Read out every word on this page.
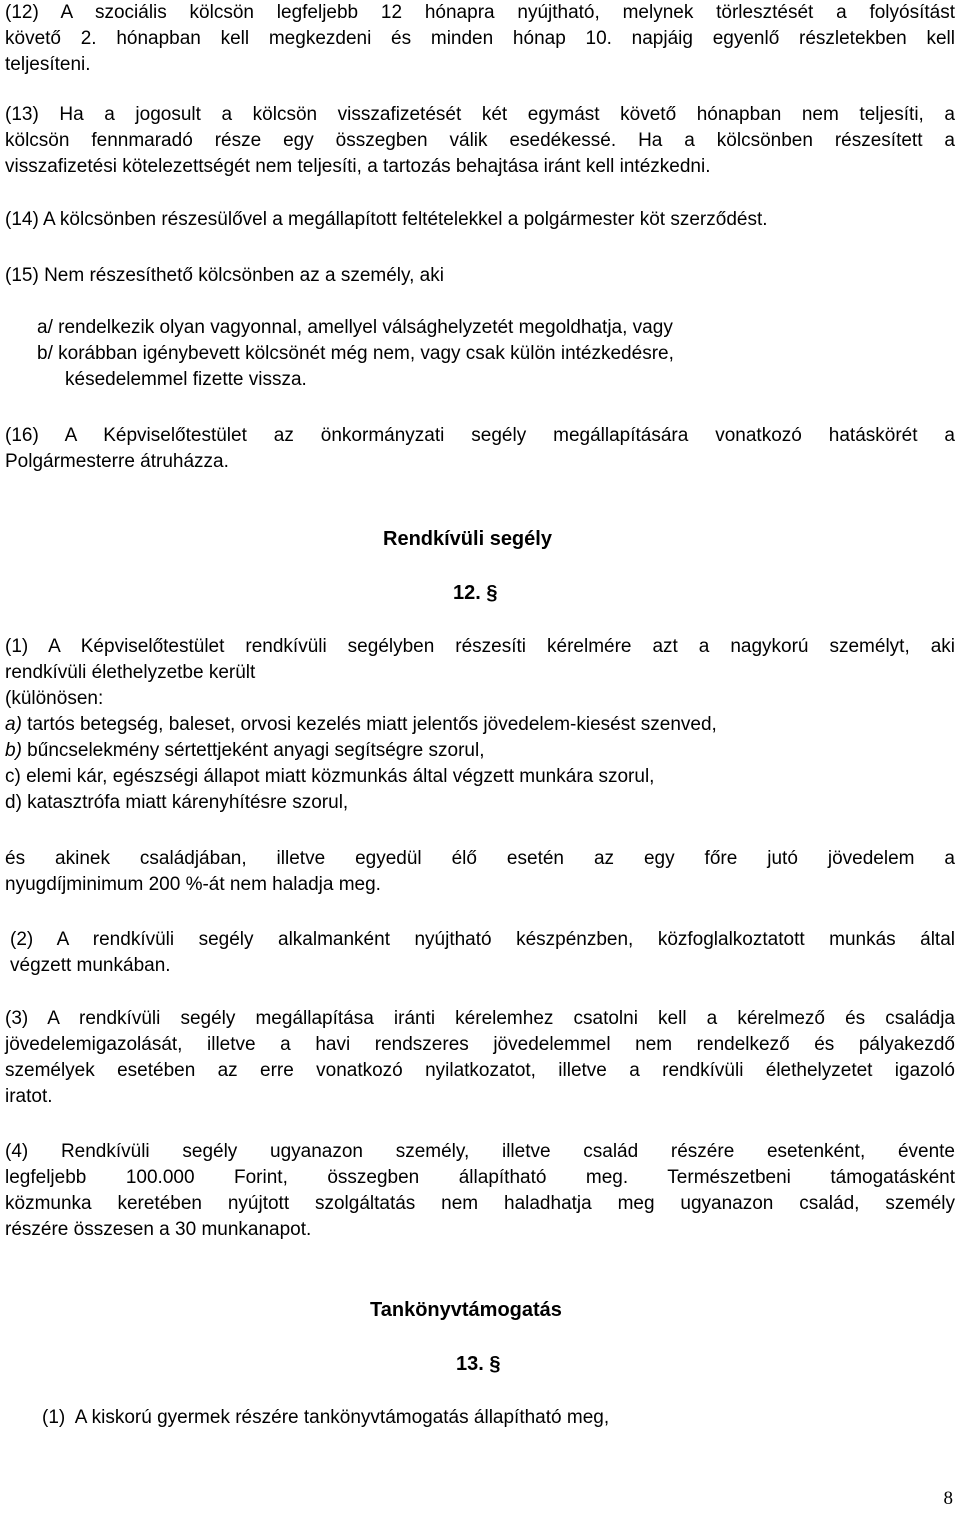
(12) A szociális kölcsön legfeljebb 12 hónapra nyújtható, melynek törlesztését a folyósítást
követő 2. hónapban kell megkezdeni és minden hónap 10. napjáig egyenlő részletekben kell
teljesíteni.
(13) Ha a jogosult a kölcsön visszafizetését két egymást követő hónapban nem teljesíti, a
kölcsön fennmaradó része egy összegben válik esedékessé. Ha a kölcsönben részesített a
visszafizetési kötelezettségét nem teljesíti, a tartozás behajtása iránt kell intézkedni.
(14) A kölcsönben részesülővel a megállapított feltételekkel a polgármester köt szerződést.
(15) Nem részesíthető kölcsönben az a személy, aki
a/ rendelkezik olyan vagyonnal, amellyel válsághelyzetét megoldhatja, vagy
b/ korábban igénybevett kölcsönét még nem, vagy csak külön intézkedésre,
késedelemmel fizette vissza.
(16) A Képviselőtestület az önkormányzati segély megállapítására vonatkozó hatáskörét a
Polgármesterre átruházza.
Rendkívüli segély
12. §
(1) A Képviselőtestület rendkívüli segélyben részesíti kérelmére azt a nagykorú személyt, aki
rendkívüli élethelyzetbe került
(különösen:
a) tartós betegség, baleset, orvosi kezelés miatt jelentős jövedelem-kiesést szenved,
b) bűncselekmény sértettjeként anyagi segítségre szorul,
c) elemi kár, egészségi állapot miatt közmunkás által végzett munkára szorul,
d) katasztrófa miatt kárenyhítésre szorul,
és akinek családjában, illetve egyedül élő esetén az egy főre jutó jövedelem a
nyugdíjminimum 200 %-át nem haladja meg.
(2) A rendkívüli segély alkalmanként nyújtható készpénzben, közfoglalkoztatott munkás által
végzett munkában.
(3) A rendkívüli segély megállapítása iránti kérelemhez csatolni kell a kérelmező és családja
jövedelemigazolását, illetve a havi rendszeres jövedelemmel nem rendelkező és pályakezdő
személyek esetében az erre vonatkozó nyilatkozatot, illetve a rendkívüli élethelyzetet igazoló
iratot.
(4) Rendkívüli segély ugyanazon személy, illetve család részére esetenként, évente
legfeljebb 100.000 Forint, összegben állapítható meg. Természetbeni támogatásként
közmunka keretében nyújtott szolgáltatás nem haladhatja meg ugyanazon család, személy
részére összesen a 30 munkanapot.
Tankönyvtámogatás
13. §
(1)  A kiskorú gyermek részére tankönyvtámogatás állapítható meg,
8
